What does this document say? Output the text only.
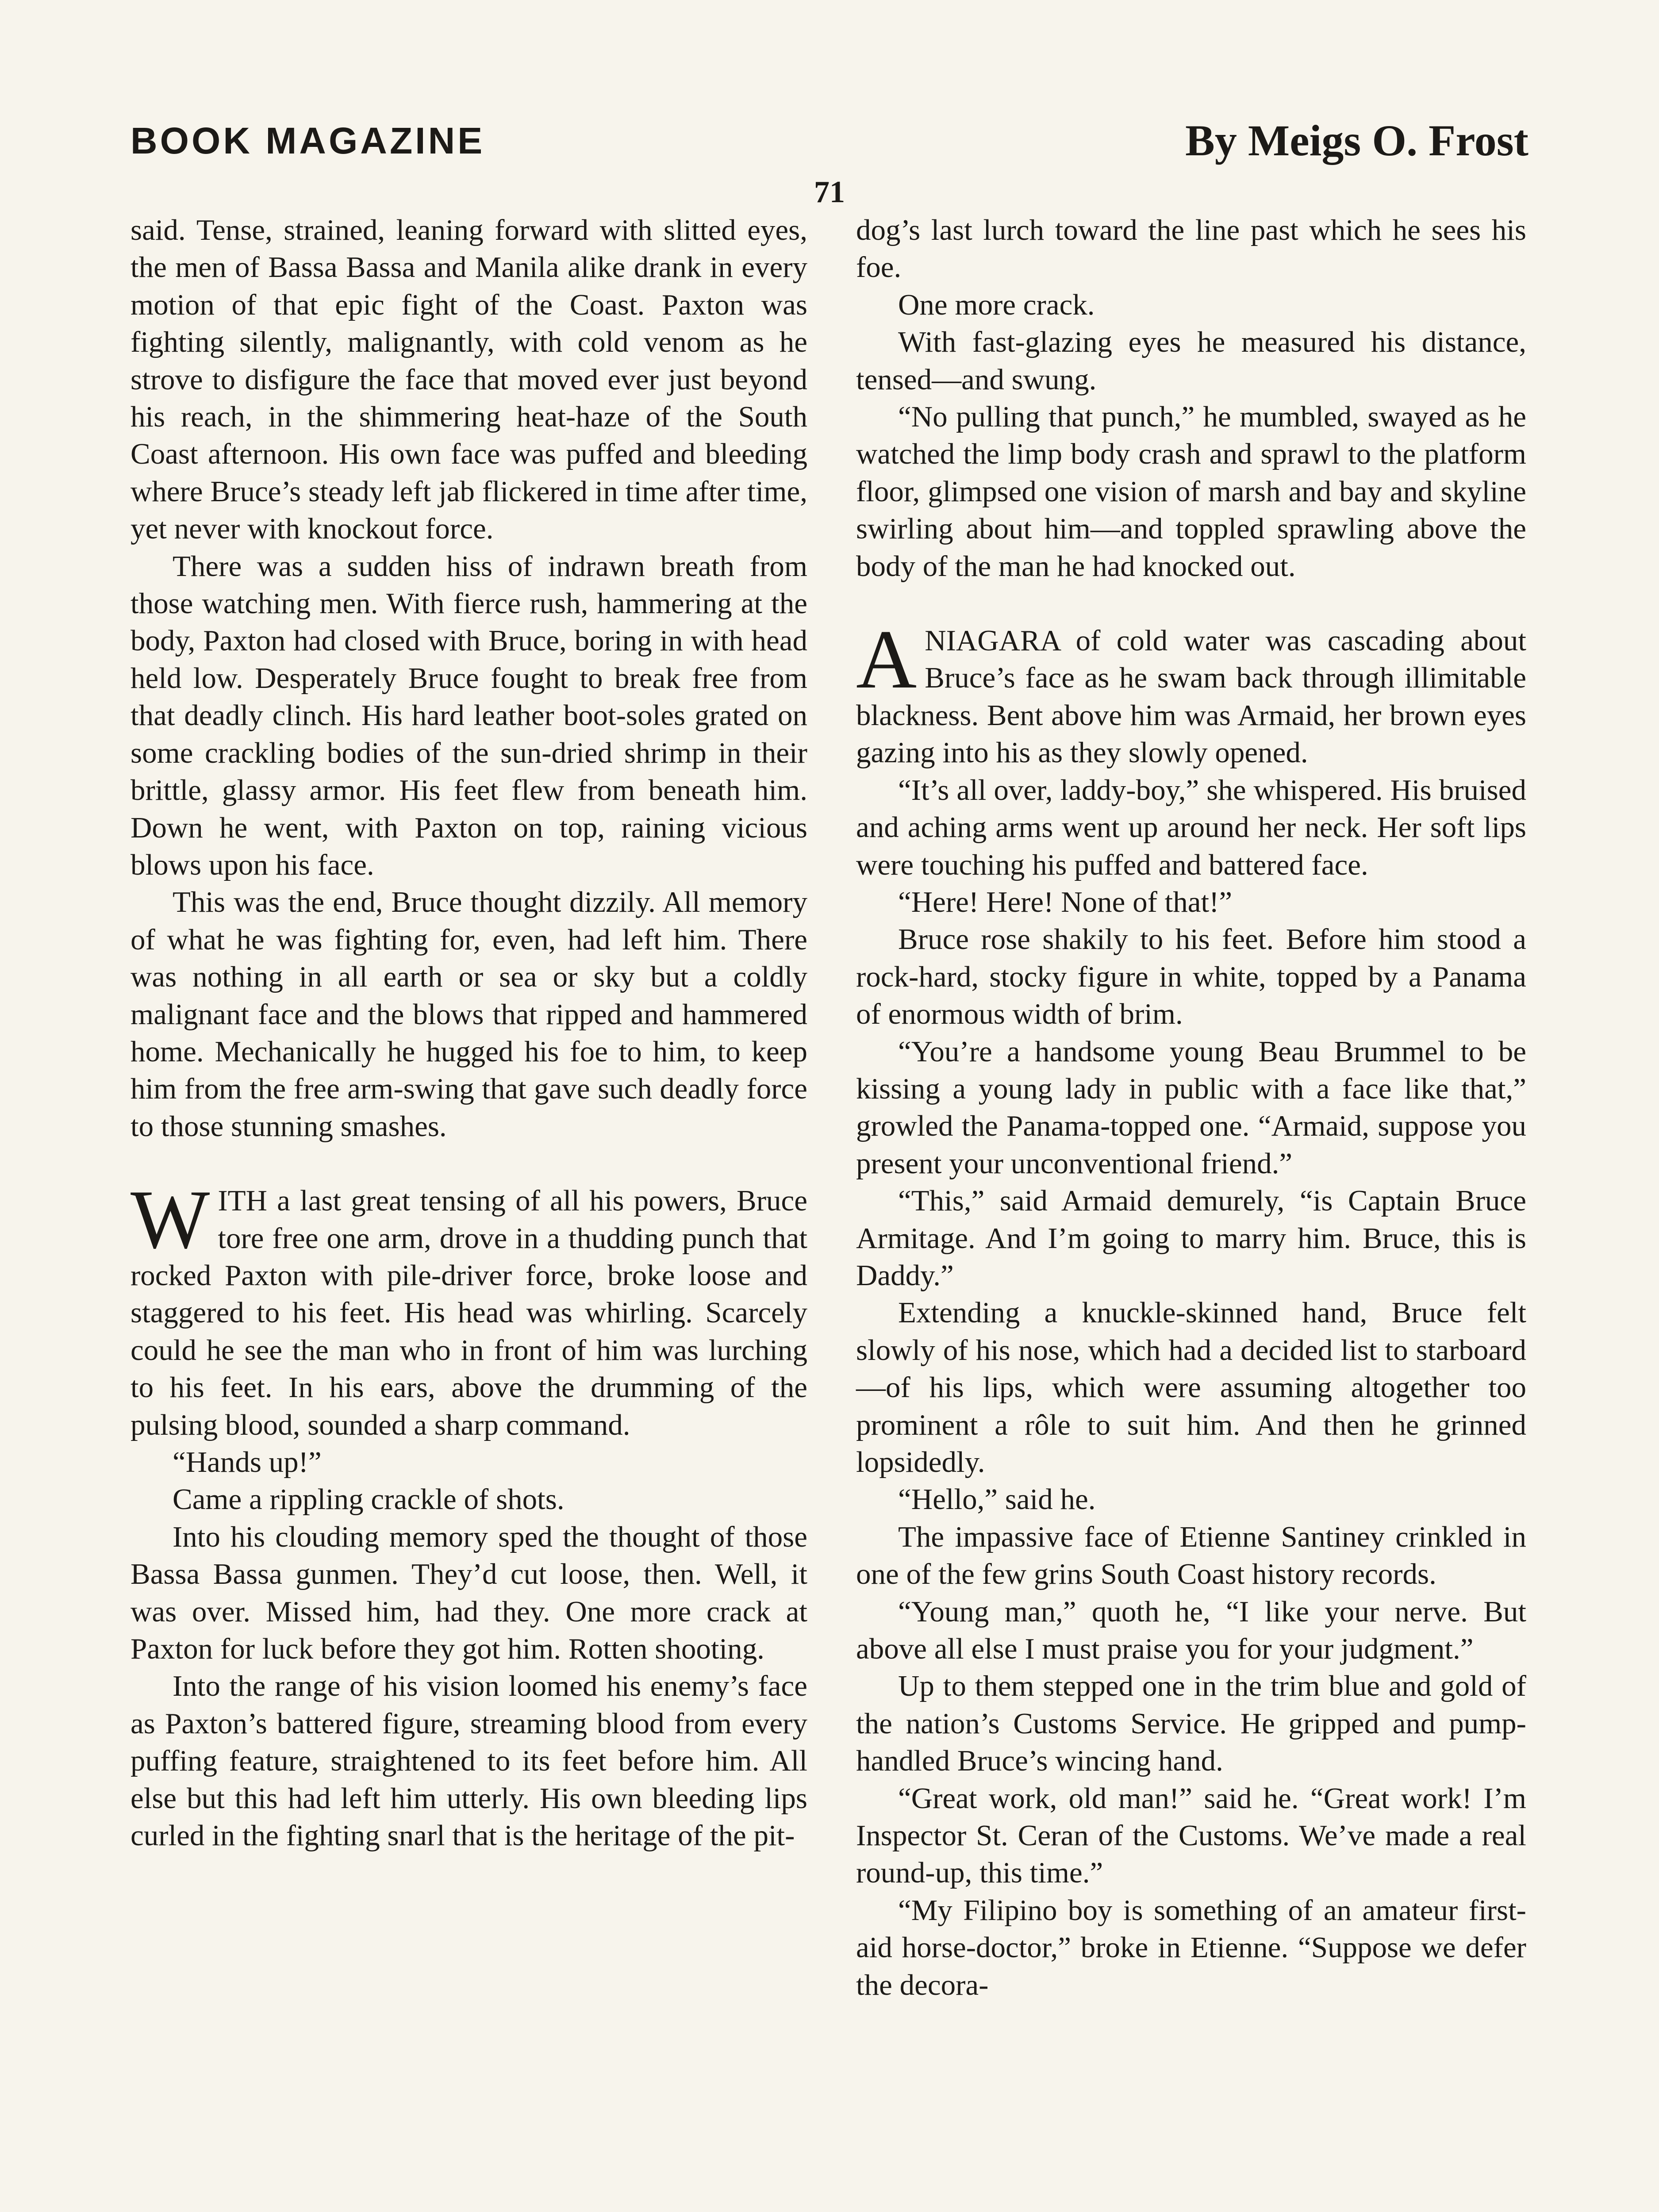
BOOK MAGAZINE	By Meigs O. Frost
71

said. Tense, strained, leaning forward with slitted eyes, the men of Bassa Bassa and Manila alike drank in every motion of that epic fight of the Coast. Paxton was fighting silently, malignantly, with cold venom as he strove to disfigure the face that moved ever just beyond his reach, in the shimmering heat-haze of the South Coast afternoon. His own face was puffed and bleeding where Bruce’s steady left jab flickered in time after time, yet never with knockout force.

There was a sudden hiss of indrawn breath from those watching men. With fierce rush, hammering at the body, Paxton had closed with Bruce, boring in with head held low. Desperately Bruce fought to break free from that deadly clinch. His hard leather boot-soles grated on some crackling bodies of the sun-dried shrimp in their brittle, glassy armor. His feet flew from beneath him. Down he went, with Paxton on top, raining vicious blows upon his face.

This was the end, Bruce thought dizzily. All memory of what he was fighting for, even, had left him. There was nothing in all earth or sea or sky but a coldly malignant face and the blows that ripped and hammered home. Mechanically he hugged his foe to him, to keep him from the free arm-swing that gave such deadly force to those stunning smashes.

WITH a last great tensing of all his powers, Bruce tore free one arm, drove in a thudding punch that rocked Paxton with pile-driver force, broke loose and staggered to his feet. His head was whirling. Scarcely could he see the man who in front of him was lurching to his feet. In his ears, above the drumming of the pulsing blood, sounded a sharp command.

“Hands up!”

Came a rippling crackle of shots.

Into his clouding memory sped the thought of those Bassa Bassa gunmen. They’d cut loose, then. Well, it was over. Missed him, had they. One more crack at Paxton for luck before they got him. Rotten shooting.

Into the range of his vision loomed his enemy’s face as Paxton’s battered figure, streaming blood from every puffing feature, straightened to its feet before him. All else but this had left him utterly. His own bleeding lips curled in the fighting snarl that is the heritage of the pit-

dog’s last lurch toward the line past which he sees his foe.

One more crack.

With fast-glazing eyes he measured his distance, tensed—and swung.

“No pulling that punch,” he mumbled, swayed as he watched the limp body crash and sprawl to the platform floor, glimpsed one vision of marsh and bay and skyline swirling about him—and toppled sprawling above the body of the man he had knocked out.

ANIAGARA of cold water was cascading about Bruce’s face as he swam back through illimitable blackness. Bent above him was Armaid, her brown eyes gazing into his as they slowly opened.

“It’s all over, laddy-boy,” she whispered. His bruised and aching arms went up around her neck. Her soft lips were touching his puffed and battered face.

“Here! Here! None of that!”

Bruce rose shakily to his feet. Before him stood a rock-hard, stocky figure in white, topped by a Panama of enormous width of brim.

“You’re a handsome young Beau Brummel to be kissing a young lady in public with a face like that,” growled the Panama-topped one. “Armaid, suppose you present your unconventional friend.”

“This,” said Armaid demurely, “is Captain Bruce Armitage. And I’m going to marry him. Bruce, this is Daddy.”

Extending a knuckle-skinned hand, Bruce felt slowly of his nose, which had a decided list to starboard—of his lips, which were assuming altogether too prominent a rôle to suit him. And then he grinned lopsidedly.

“Hello,” said he.

The impassive face of Etienne Santiney crinkled in one of the few grins South Coast history records.

“Young man,” quoth he, “I like your nerve. But above all else I must praise you for your judgment.”

Up to them stepped one in the trim blue and gold of the nation’s Customs Service. He gripped and pump-handled Bruce’s wincing hand.

“Great work, old man!” said he. “Great work! I’m Inspector St. Ceran of the Customs. We’ve made a real round-up, this time.”

“My Filipino boy is something of an amateur first-aid horse-doctor,” broke in Etienne. “Suppose we defer the decora-
